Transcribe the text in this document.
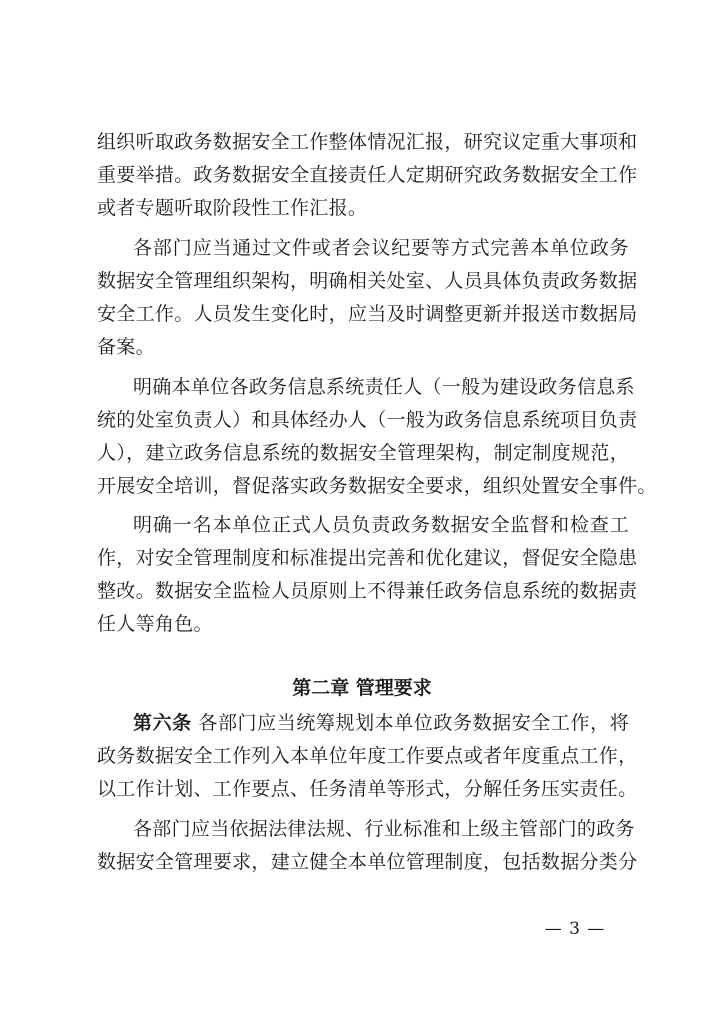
组织听取政务数据安全工作整体情况汇报，研究议定重大事项和
重要举措。政务数据安全直接责任人定期研究政务数据安全工作
或者专题听取阶段性工作汇报。
各部门应当通过文件或者会议纪要等方式完善本单位政务
数据安全管理组织架构，明确相关处室、人员具体负责政务数据
安全工作。人员发生变化时，应当及时调整更新并报送市数据局
备案。
明确本单位各政务信息系统责任人（一般为建设政务信息系
统的处室负责人）和具体经办人（一般为政务信息系统项目负责
人），建立政务信息系统的数据安全管理架构，制定制度规范，
开展安全培训，督促落实政务数据安全要求，组织处置安全事件。
明确一名本单位正式人员负责政务数据安全监督和检查工
作，对安全管理制度和标准提出完善和优化建议，督促安全隐患
整改。数据安全监检人员原则上不得兼任政务信息系统的数据责
任人等角色。
第二章 管理要求
第六条 各部门应当统筹规划本单位政务数据安全工作，将
政务数据安全工作列入本单位年度工作要点或者年度重点工作，
以工作计划、工作要点、任务清单等形式，分解任务压实责任。
各部门应当依据法律法规、行业标准和上级主管部门的政务
数据安全管理要求，建立健全本单位管理制度，包括数据分类分
— 3 —
